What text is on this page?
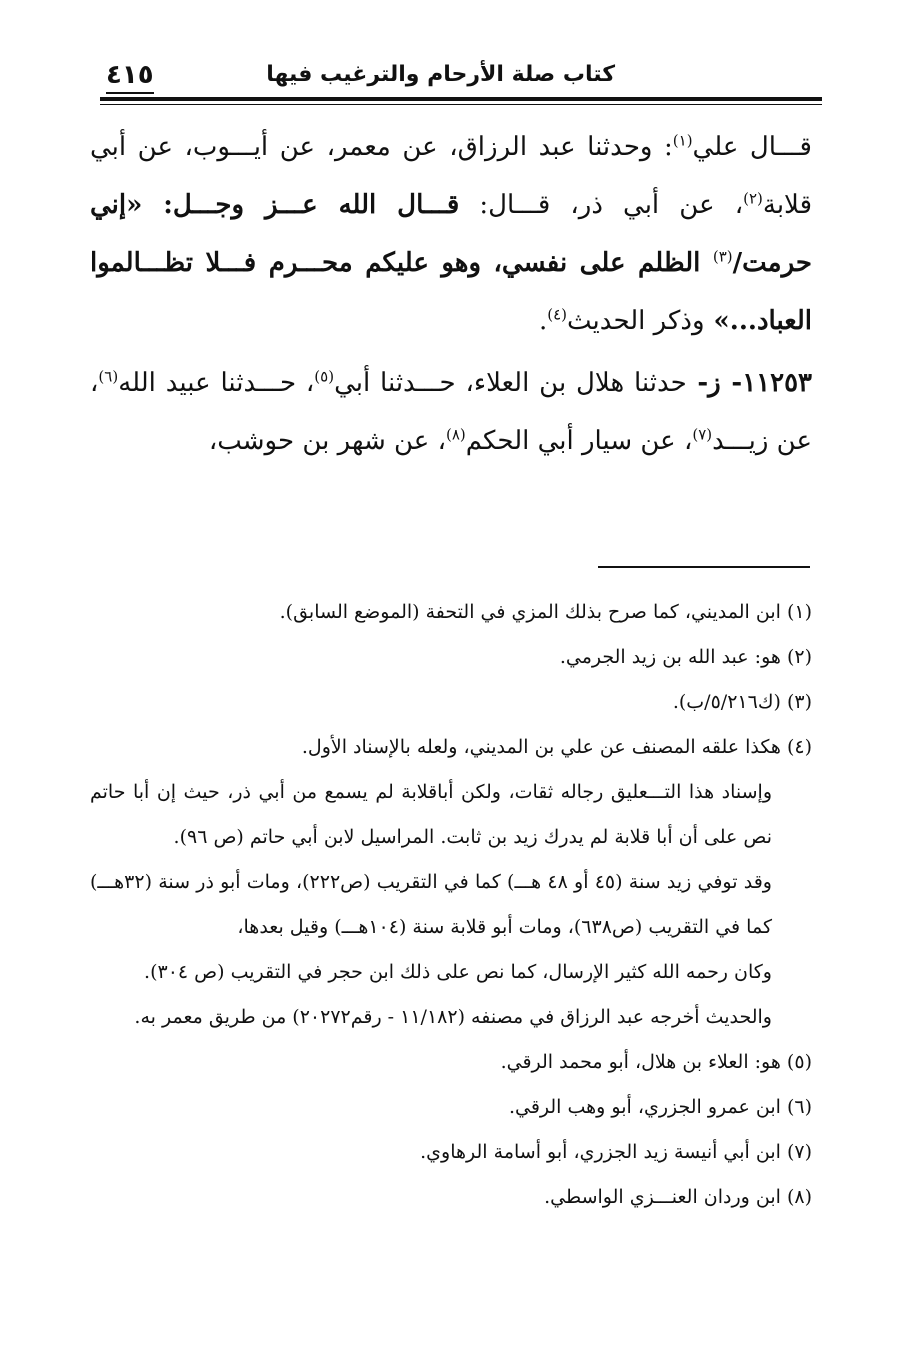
كتاب صلة الأرحام والترغيب فيها
٤١٥

قـــال علي$^{(١)}$: وحدثنا عبد الرزاق، عن معمر، عن أيـــوب، عن أبي قلابة$^{(٢)}$، عن أبي ذر، قـــال: قـــال الله عـــز وجـــل: «إني حرمت/$^{(٣)}$ الظلم على نفسي، وهو عليكم محـــرم فـــلا تظـــالموا العباد...» وذكر الحديث$^{(٤)}$.

١١٢٥٣- ز- حدثنا هلال بن العلاء، حـــدثنا أبي$^{(٥)}$، حـــدثنا عبيد الله$^{(٦)}$، عن زيـــد$^{(٧)}$، عن سيار أبي الحكم$^{(٨)}$، عن شهر بن حوشب،

(١) ابن المديني، كما صرح بذلك المزي في التحفة (الموضع السابق).
(٢) هو: عبد الله بن زيد الجرمي.
(٣) (ك٥/٢١٦/ب).
(٤) هكذا علقه المصنف عن علي بن المديني، ولعله بالإسناد الأول.
وإسناد هذا التـــعليق رجاله ثقات، ولكن أباقلابة لم يسمع من أبي ذر، حيث إن أبا حاتم نص على أن أبا قلابة لم يدرك زيد بن ثابت. المراسيل لابن أبي حاتم (ص ٩٦).
وقد توفي زيد سنة (٤٥ أو ٤٨ هـــ) كما في التقريب (ص٢٢٢)، ومات أبو ذر سنة (٣٢هـــ) كما في التقريب (ص٦٣٨)، ومات أبو قلابة سنة (١٠٤هـــ) وقيل بعدها،
وكان رحمه الله كثير الإرسال، كما نص على ذلك ابن حجر في التقريب (ص ٣٠٤).
والحديث أخرجه عبد الرزاق في مصنفه (١١/١٨٢ - رقم٢٠٢٧٢) من طريق معمر به.
(٥) هو: العلاء بن هلال، أبو محمد الرقي.
(٦) ابن عمرو الجزري، أبو وهب الرقي.
(٧) ابن أبي أنيسة زيد الجزري، أبو أسامة الرهاوي.
(٨) ابن وردان العنـــزي الواسطي.
